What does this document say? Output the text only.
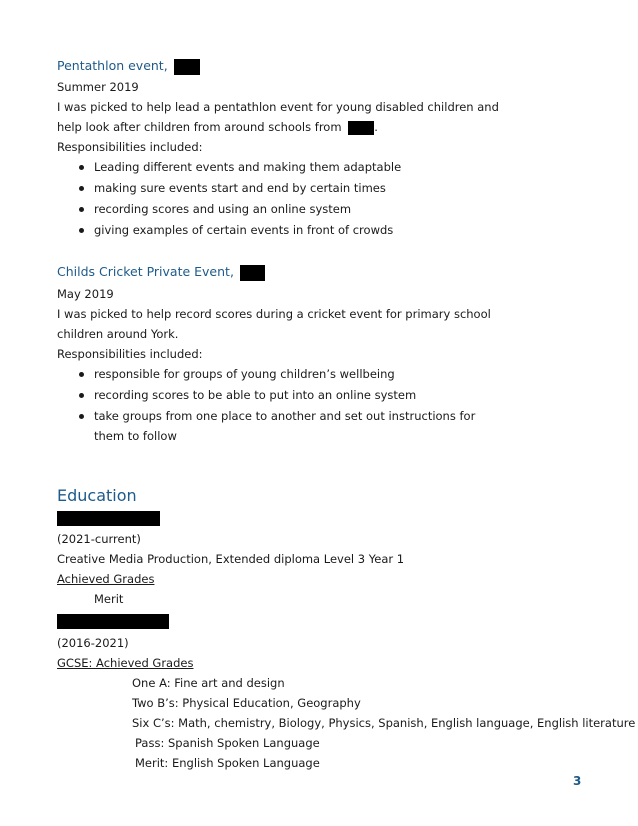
Pentathlon event,
Summer 2019
I was picked to help lead a pentathlon event for young disabled children and
help look after children from around schools from	.
Responsibilities included:
Leading different events and making them adaptable
making sure events start and end by certain times
recording scores and using an online system
giving examples of certain events in front of crowds
Childs Cricket Private Event,
May 2019
I was picked to help record scores during a cricket event for primary school
children around York.
Responsibilities included:
responsible for groups of young children’s wellbeing
recording scores to be able to put into an online system
take groups from one place to another and set out instructions for
them to follow
Education
(2021-current)
Creative Media Production, Extended diploma Level 3 Year 1
Achieved Grades
Merit
(2016-2021)
GCSE: Achieved Grades
One A: Fine art and design
Two B’s: Physical Education, Geography
Six C’s: Math, chemistry, Biology, Physics, Spanish, English language, English literature
Pass: Spanish Spoken Language
Merit: English Spoken Language
3
